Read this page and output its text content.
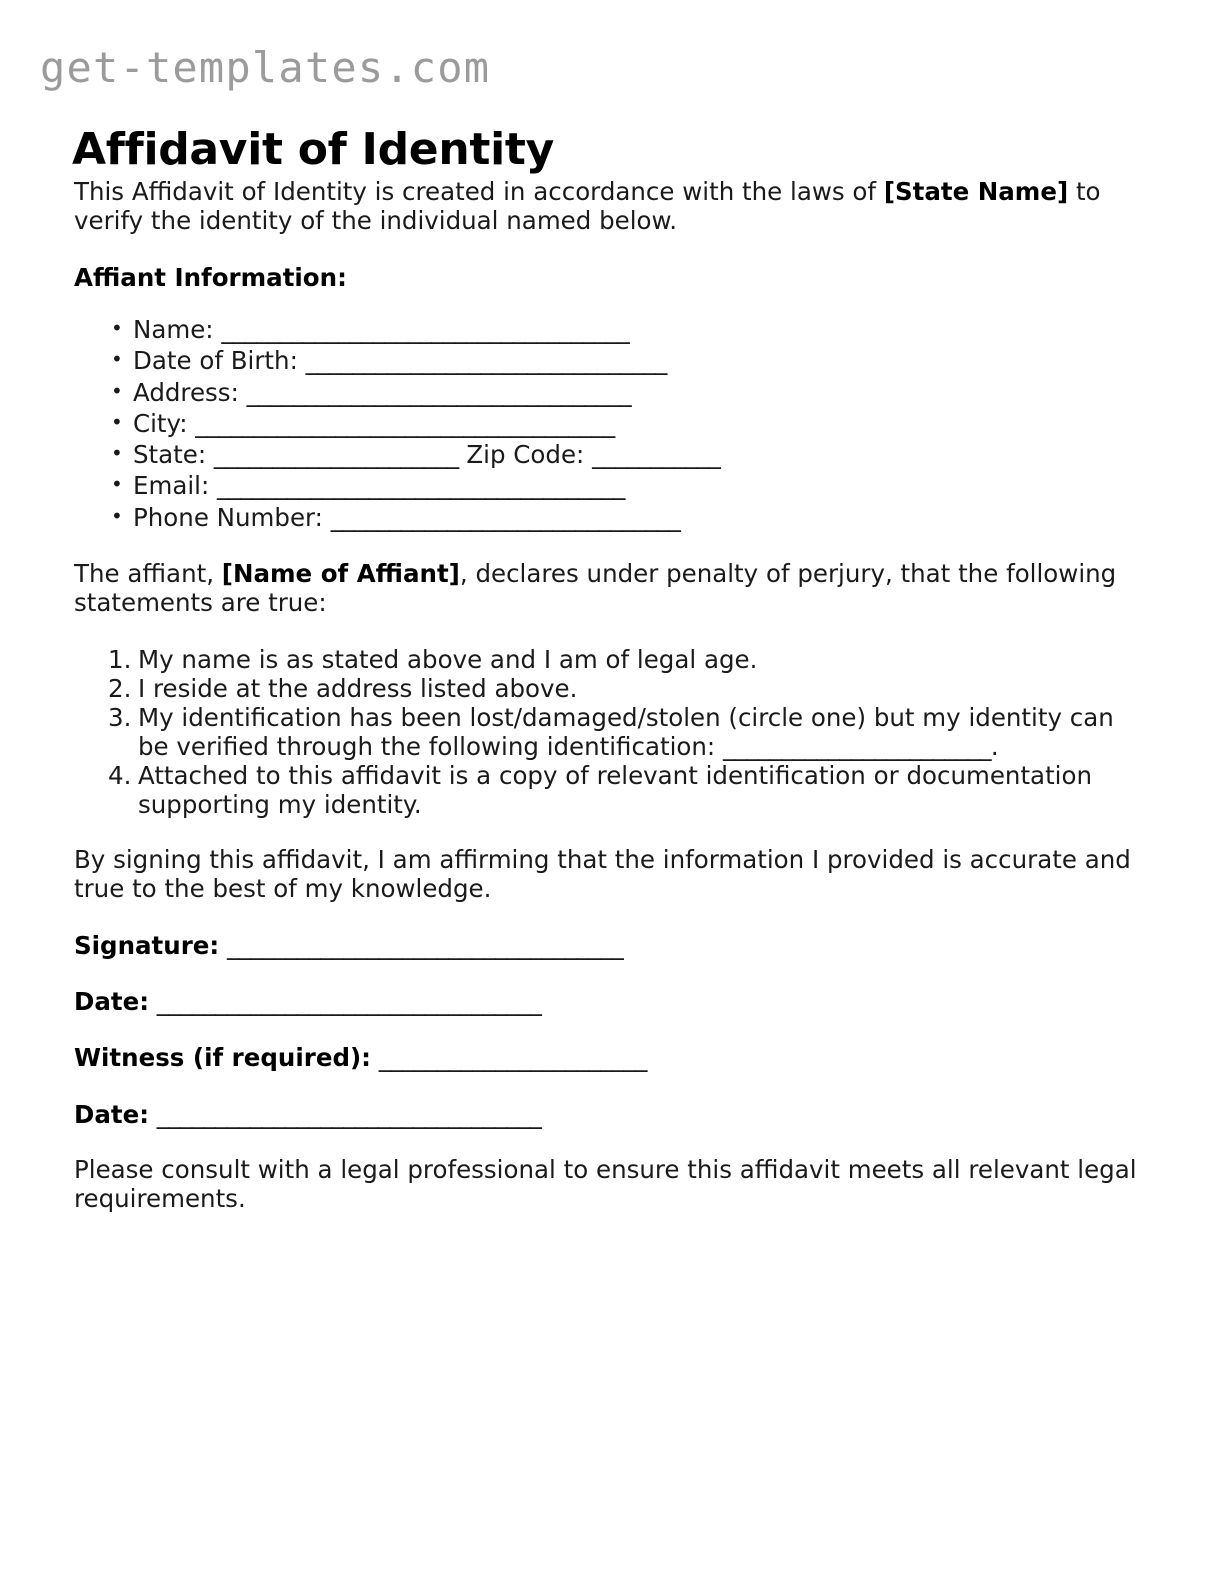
get-templates.com
Affidavit of Identity

This Affidavit of Identity is created in accordance with the laws of [State Name] to verify the identity of the individual named below.

Affiant Information:
• Name: ___________________________________
• Date of Birth: _______________________________
• Address: _________________________________
• City: ____________________________________
• State: _____________________ Zip Code: ___________
• Email: ___________________________________
• Phone Number: ______________________________

The affiant, [Name of Affiant], declares under penalty of perjury, that the following statements are true:

My name is as stated above and I am of legal age.
I reside at the address listed above.
My identification has been lost/damaged/stolen (circle one) but my identity can be verified through the following identification: _______________________.
Attached to this affidavit is a copy of relevant identification or documentation supporting my identity.

By signing this affidavit, I am affirming that the information I provided is accurate and true to the best of my knowledge.

Signature: __________________________________
Date: _________________________________
Witness (if required): _______________________
Date: _________________________________

Please consult with a legal professional to ensure this affidavit meets all relevant legal requirements.
